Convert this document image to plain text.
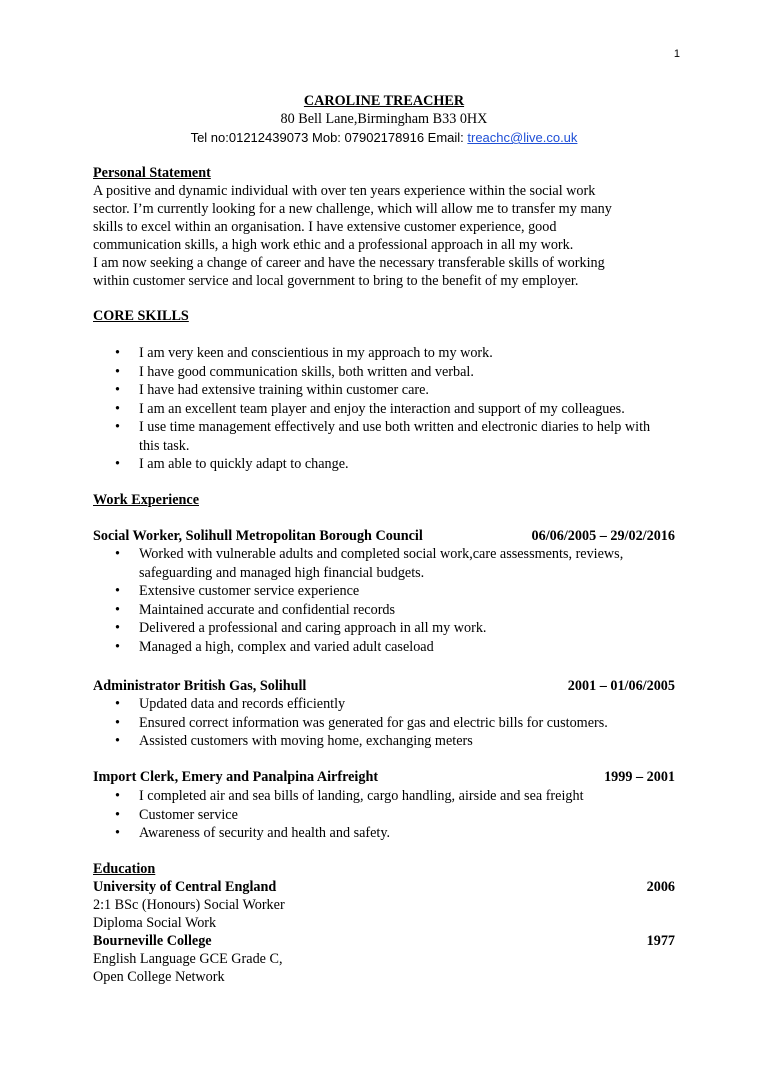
1
CAROLINE TREACHER
80 Bell Lane,Birmingham B33 0HX
Tel no:01212439073 Mob: 07902178916 Email: treachc@live.co.uk
Personal Statement
A positive and dynamic individual with over ten years experience within the social work
sector. I’m currently looking for a new challenge, which will allow me to transfer my many
skills to excel within an organisation. I have extensive customer experience, good
communication skills, a high work ethic and a professional approach in all my work.
I am now seeking a change of career and have the necessary transferable skills of working
within customer service and local government to bring to the benefit of my employer.
CORE SKILLS
• I am very keen and conscientious in my approach to my work.
• I have good communication skills, both written and verbal.
• I have had extensive training within customer care.
• I am an excellent team player and enjoy the interaction and support of my colleagues.
• I use time management effectively and use both written and electronic diaries to help with this task.
• I am able to quickly adapt to change.
Work Experience
Social Worker, Solihull Metropolitan Borough Council	06/06/2005 – 29/02/2016
• Worked with vulnerable adults and completed social work,care assessments, reviews, safeguarding and managed high financial budgets.
• Extensive customer service experience
• Maintained accurate and confidential records
• Delivered a professional and caring approach in all my work.
• Managed a high, complex and varied adult caseload
Administrator British Gas, Solihull	2001 – 01/06/2005
• Updated data and records efficiently
• Ensured correct information was generated for gas and electric bills for customers.
• Assisted customers with moving home, exchanging meters
Import Clerk, Emery and Panalpina Airfreight	1999 – 2001
• I completed air and sea bills of landing, cargo handling, airside and sea freight
• Customer service
• Awareness of security and health and safety.
Education
University of Central England	2006
2:1 BSc (Honours) Social Worker
Diploma Social Work
Bourneville College	1977
English Language GCE Grade C,
Open College Network
